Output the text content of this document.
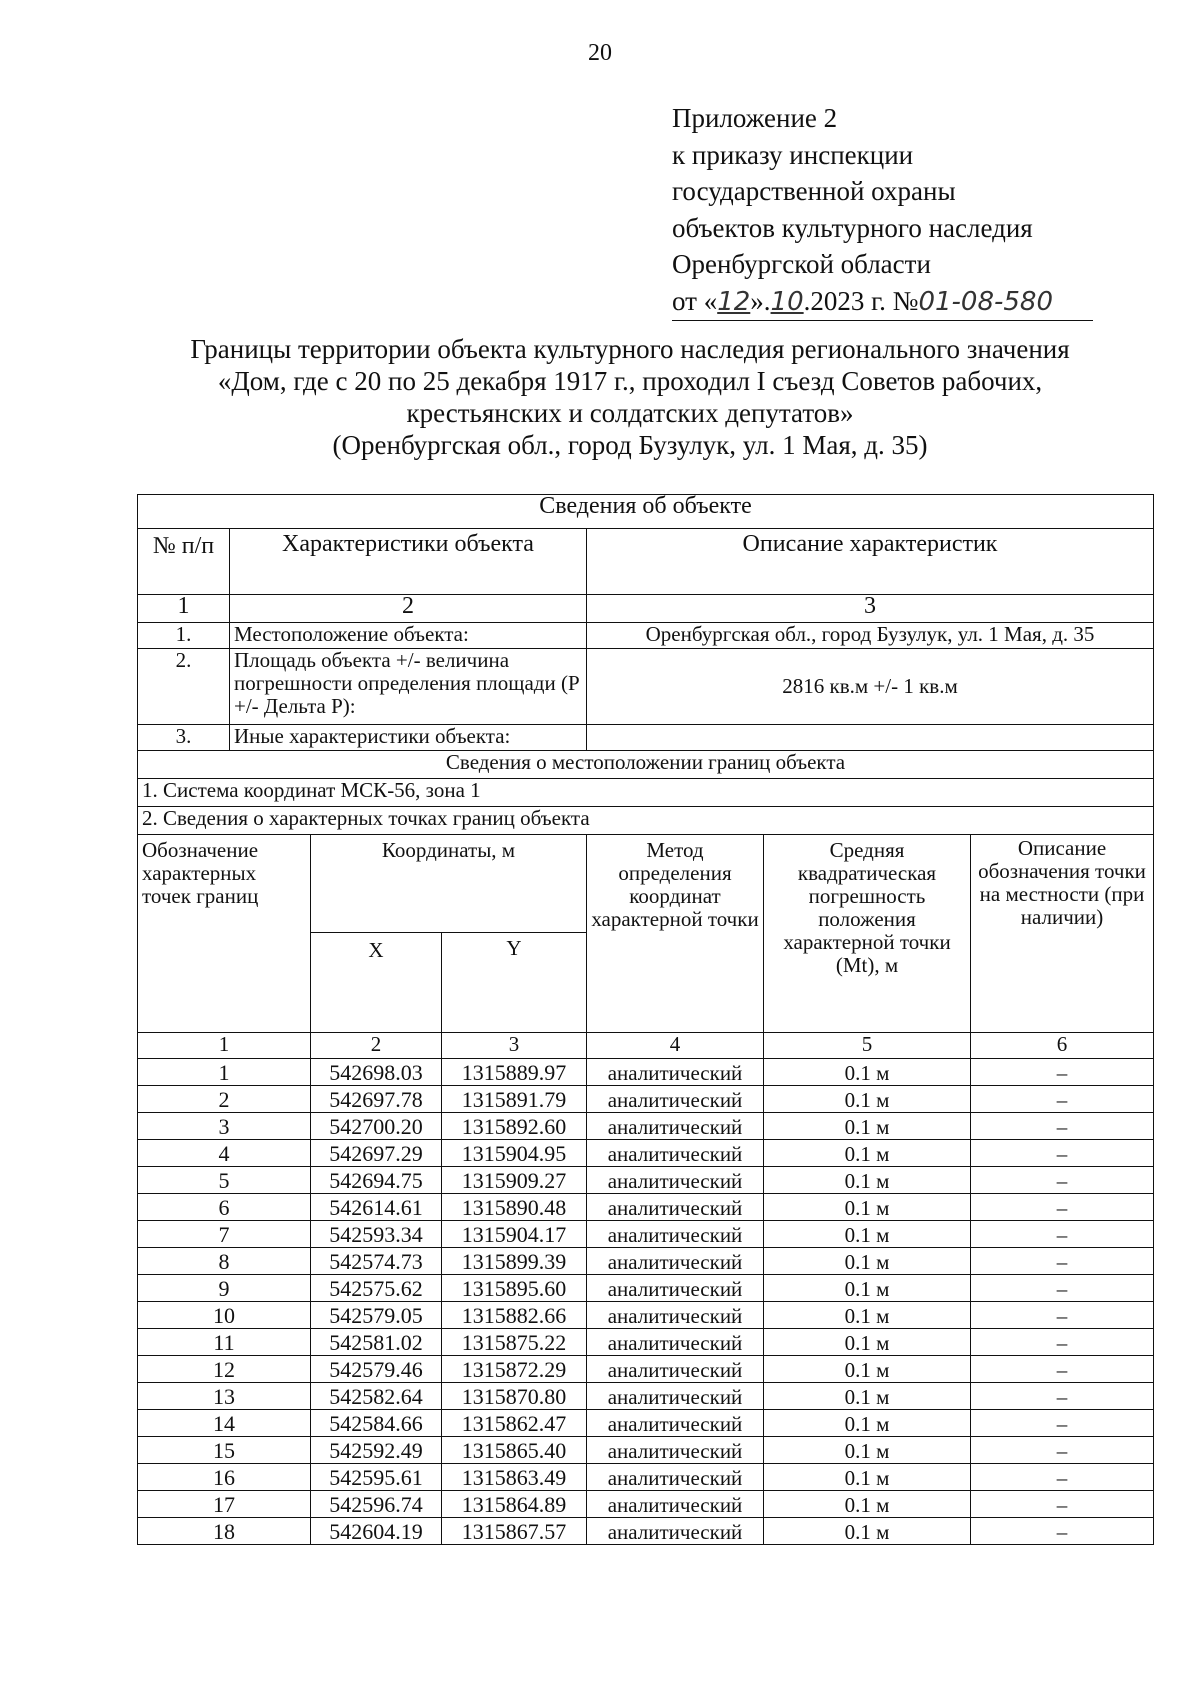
20
Приложение 2
к приказу инспекции
государственной охраны
объектов культурного наследия
Оренбургской области
от «12».10.2023 г. №01-08-580
Границы территории объекта культурного наследия регионального значения
«Дом, где с 20 по 25 декабря 1917 г., проходил I съезд Советов рабочих,
крестьянских и солдатских депутатов»
(Оренбургская обл., город Бузулук, ул. 1 Мая, д. 35)
Сведения об объекте						
№ п/п	Характеристики объекта			Описание характеристик		
1	2			3		
1.	Местоположение объекта:			Оренбургская обл., город Бузулук, ул. 1 Мая, д. 35		
2.	Площадь объекта +/- величина погрешности определения площади (P +/- Дельта P):			2816 кв.м +/- 1 кв.м		
3.	Иные характеристики объекта:					
Сведения о местоположении границ объекта						
1. Система координат МСК-56, зона 1						
2. Сведения о характерных точках границ объекта						
Обозначение характерных точек границ		Координаты, м		Метод определения координат характерной точки	Средняя квадратическая погрешность положения характерной точки (Mt), м	Описание обозначения точки на местности (при наличии)
		X	Y			
1		2	3	4	5	6
1		542698.03	1315889.97	аналитический	0.1 м	–
2		542697.78	1315891.79	аналитический	0.1 м	–
3		542700.20	1315892.60	аналитический	0.1 м	–
4		542697.29	1315904.95	аналитический	0.1 м	–
5		542694.75	1315909.27	аналитический	0.1 м	–
6		542614.61	1315890.48	аналитический	0.1 м	–
7		542593.34	1315904.17	аналитический	0.1 м	–
8		542574.73	1315899.39	аналитический	0.1 м	–
9		542575.62	1315895.60	аналитический	0.1 м	–
10		542579.05	1315882.66	аналитический	0.1 м	–
11		542581.02	1315875.22	аналитический	0.1 м	–
12		542579.46	1315872.29	аналитический	0.1 м	–
13		542582.64	1315870.80	аналитический	0.1 м	–
14		542584.66	1315862.47	аналитический	0.1 м	–
15		542592.49	1315865.40	аналитический	0.1 м	–
16		542595.61	1315863.49	аналитический	0.1 м	–
17		542596.74	1315864.89	аналитический	0.1 м	–
18		542604.19	1315867.57	аналитический	0.1 м	–
